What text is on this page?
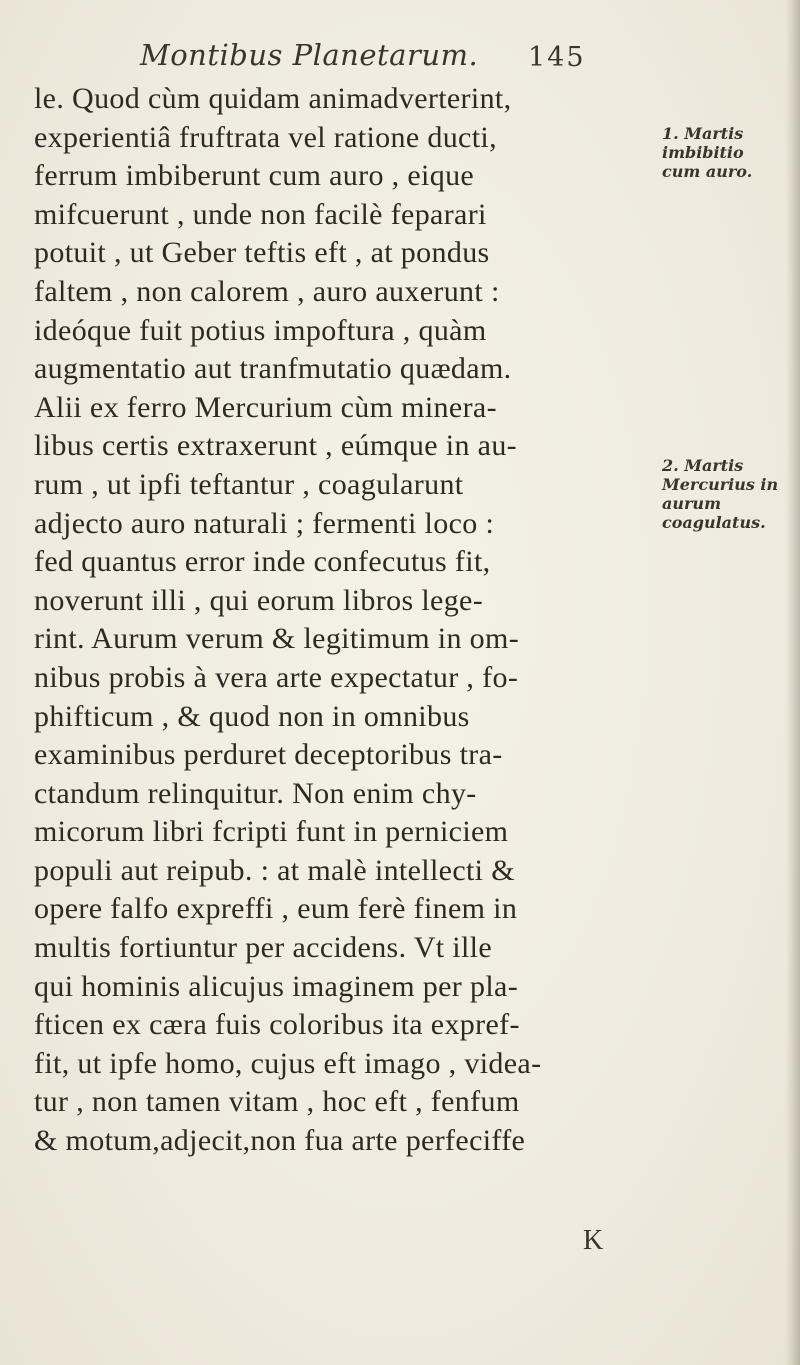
Montibus Planetarum. 145
le. Quod cùm quidam animadverterint,
experientiâ fruftrata vel ratione ducti,
ferrum imbiberunt cum auro , eique
mifcuerunt , unde non facilè feparari
potuit , ut Geber teftis eft , at pondus
faltem , non calorem , auro auxerunt :
ideóque fuit potius impoftura , quàm
augmentatio aut tranfmutatio quædam.
Alii ex ferro Mercurium cùm minera-
libus certis extraxerunt , eúmque in au-
rum , ut ipfi teftantur , coagularunt
adjecto auro naturali ; fermenti loco :
fed quantus error inde confecutus fit,
noverunt illi , qui eorum libros lege-
rint. Aurum verum & legitimum in om-
nibus probis à vera arte expectatur , fo-
phifticum , & quod non in omnibus
examinibus perduret deceptoribus tra-
ctandum relinquitur. Non enim chy-
micorum libri fcripti funt in perniciem
populi aut reipub. : at malè intellecti &
opere falfo expreffi , eum ferè finem in
multis fortiuntur per accidens. Vt ille
qui hominis alicujus imaginem per pla-
fticen ex cæra fuis coloribus ita expref-
fit, ut ipfe homo, cujus eft imago , videa-
tur , non tamen vitam , hoc eft , fenfum
& motum,adjecit,non fua arte perfeciffe
1. Martis imbibitio cum auro.
2. Martis Mercurius in aurum coagulatus.
K
